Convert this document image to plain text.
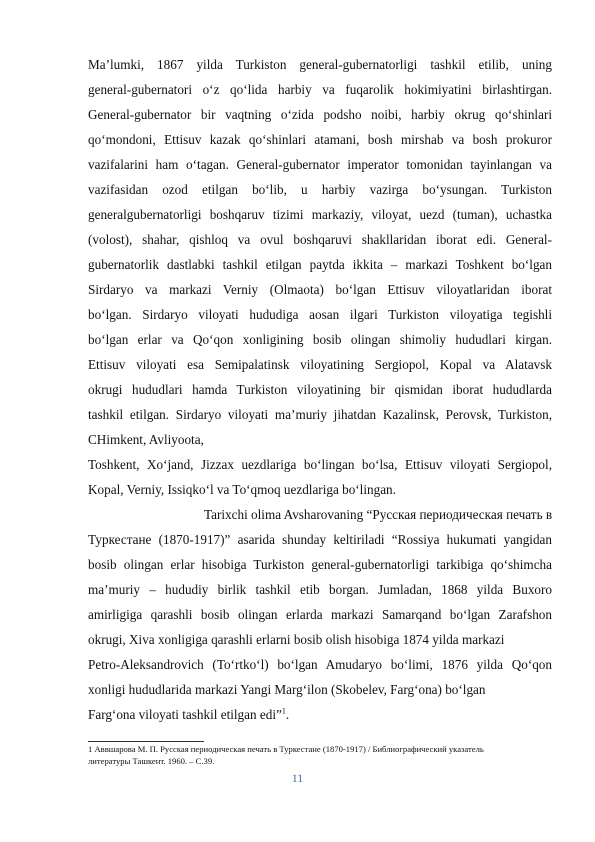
Ma’lumki, 1867 yilda Turkiston general-gubernatorligi tashkil etilib, uning
general-gubernatori o‘z qo‘lida harbiy va fuqarolik hokimiyatini birlashtirgan.
General-gubernator bir vaqtning o‘zida podsho noibi, harbiy okrug qo‘shinlari
qo‘mondoni, Ettisuv kazak qo‘shinlari atamani, bosh mirshab va bosh prokuror
vazifalarini ham o‘tagan. General-gubernator imperator tomonidan tayinlangan va
vazifasidan ozod etilgan bo‘lib, u harbiy vazirga bo‘ysungan. Turkiston
generalgubernatorligi boshqaruv tizimi markaziy, viloyat, uezd (tuman), uchastka
(volost), shahar, qishloq va ovul boshqaruvi shakllaridan iborat edi. General-
gubernatorlik dastlabki tashkil etilgan paytda ikkita – markazi Toshkent bo‘lgan
Sirdaryo va markazi Verniy (Olmaota) bo‘lgan Ettisuv viloyatlaridan iborat
bo‘lgan. Sirdaryo viloyati hududiga aosan ilgari Turkiston viloyatiga tegishli
bo‘lgan erlar va Qo‘qon xonligining bosib olingan shimoliy hududlari kirgan.
Ettisuv viloyati esa Semipalatinsk viloyatining Sergiopol, Kopal va Alatavsk
okrugi hududlari hamda Turkiston viloyatining bir qismidan iborat hududlarda
tashkil etilgan. Sirdaryo viloyati ma’muriy jihatdan Kazalinsk, Perovsk, Turkiston,
CHimkent, Avliyoota,
Toshkent, Xo‘jand, Jizzax uezdlariga bo‘lingan bo‘lsa, Ettisuv viloyati Sergiopol,
Kopal, Verniy, Issiqko‘l va To‘qmoq uezdlariga bo‘lingan.
Tarixchi olima Avsharovaning “Русская периодическая печать в
Туркестане (1870-1917)” asarida shunday keltiriladi “Rossiya hukumati yangidan
bosib olingan erlar hisobiga Turkiston general-gubernatorligi tarkibiga qo‘shimcha
ma’muriy – hududiy birlik tashkil etib borgan. Jumladan, 1868 yilda Buxoro
amirligiga qarashli bosib olingan erlarda markazi Samarqand bo‘lgan Zarafshon
okrugi, Xiva xonligiga qarashli erlarni bosib olish hisobiga 1874 yilda markazi
Petro-Aleksandrovich (To‘rtko‘l) bo‘lgan Amudaryo bo‘limi, 1876 yilda Qo‘qon
xonligi hududlarida markazi Yangi Marg‘ilon (Skobelev, Farg‘ona) bo‘lgan
Farg‘ona viloyati tashkil etilgan edi”$^1$.
1 Аввшарова М. П. Русская периодическая печать в Туркестане (1870-1917) / Библиографический указатель
литературы Ташкент. 1960. – С.39.
11
